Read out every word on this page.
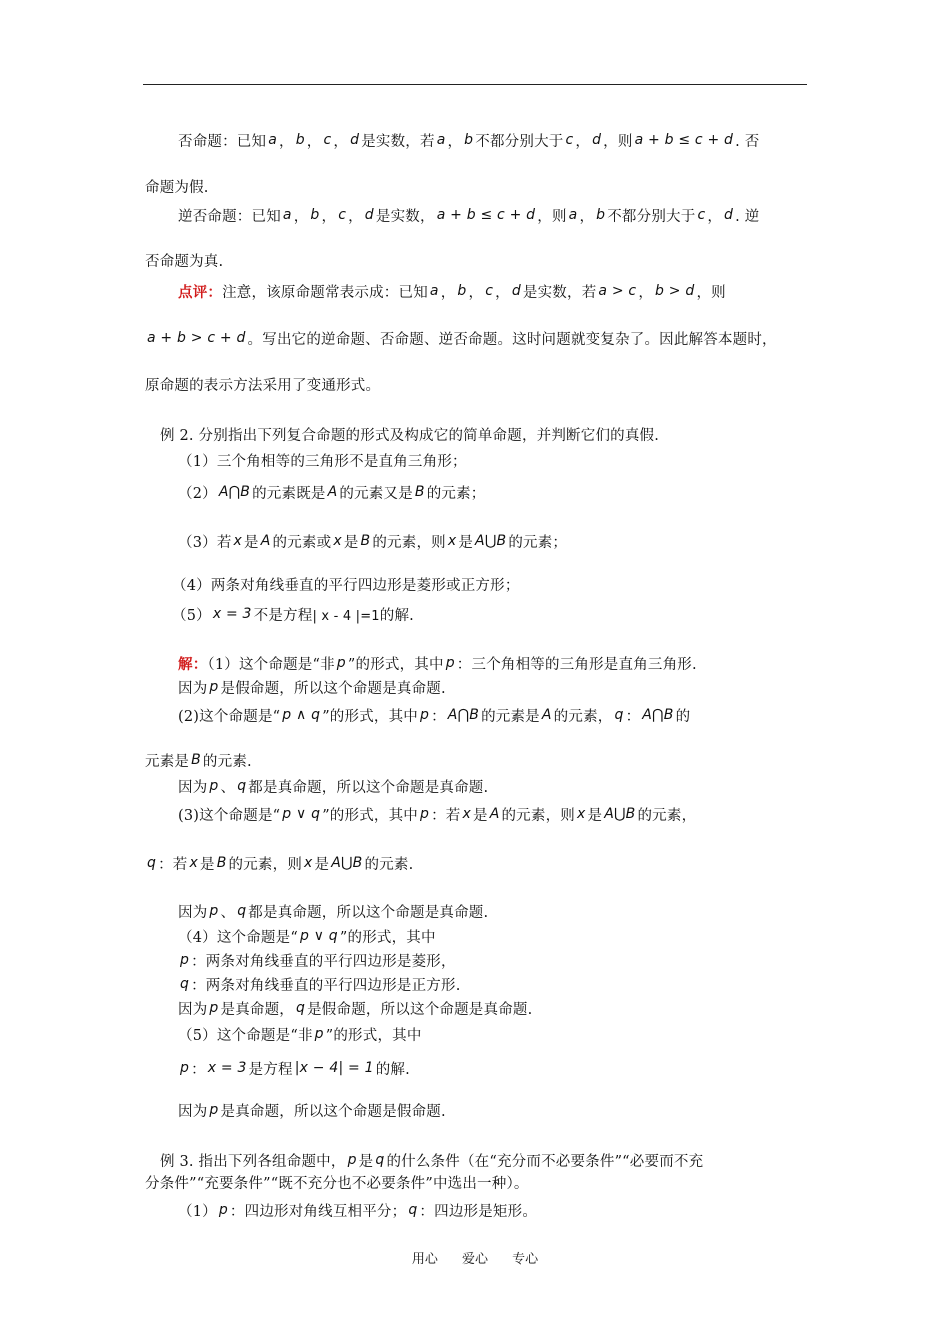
否命题：已知 a ， b ， c ， d 是实数，若 a ， b 不都分别大于 c ， d ，则 a + b ≤ c + d . 否
命题为假.
逆否命题：已知 a ， b ， c ， d 是实数， a + b ≤ c + d ，则 a ， b 不都分别大于 c ， d . 逆
否命题为真.
点评：注意，该原命题常表示成：已知 a ， b ， c ， d 是实数，若 a > c ， b > d ，则
a + b > c + d 。写出它的逆命题、否命题、逆否命题。这时问题就变复杂了。因此解答本题时，
原命题的表示方法采用了变通形式。
例 2. 分别指出下列复合命题的形式及构成它的简单命题，并判断它们的真假.
（1）三个角相等的三角形不是直角三角形；
（2） A⋂B 的元素既是 A 的元素又是 B 的元素；
（3）若 x 是 A 的元素或 x 是 B 的元素，则 x 是 A⋃B 的元素；
（4）两条对角线垂直的平行四边形是菱形或正方形；
（5） x = 3 不是方程| x - 4 |=1的解.
解：（1）这个命题是“非 p ”的形式，其中 p ：三个角相等的三角形是直角三角形.
因为 p 是假命题，所以这个命题是真命题.
(2)这个命题是“ p ∧ q ”的形式，其中 p ： A⋂B 的元素是 A 的元素， q ： A⋂B 的
元素是 B 的元素.
因为 p 、 q 都是真命题，所以这个命题是真命题.
(3)这个命题是“ p ∨ q ”的形式，其中 p ：若 x 是 A 的元素，则 x 是 A⋃B 的元素，
q ：若 x 是 B 的元素，则 x 是 A⋃B 的元素.
因为 p 、 q 都是真命题，所以这个命题是真命题.
（4）这个命题是“ p ∨ q ”的形式，其中
p ：两条对角线垂直的平行四边形是菱形，
q ：两条对角线垂直的平行四边形是正方形.
因为 p 是真命题， q 是假命题，所以这个命题是真命题.
（5）这个命题是“非 p ”的形式，其中
p ： x = 3 是方程 |x − 4| = 1 的解.
因为 p 是真命题，所以这个命题是假命题.
例 3. 指出下列各组命题中， p 是 q 的什么条件（在“充分而不必要条件”“必要而不充
分条件”“充要条件”“既不充分也不必要条件”中选出一种）。
（1） p ：四边形对角线互相平分； q ：四边形是矩形。
用心 爱心 专心
